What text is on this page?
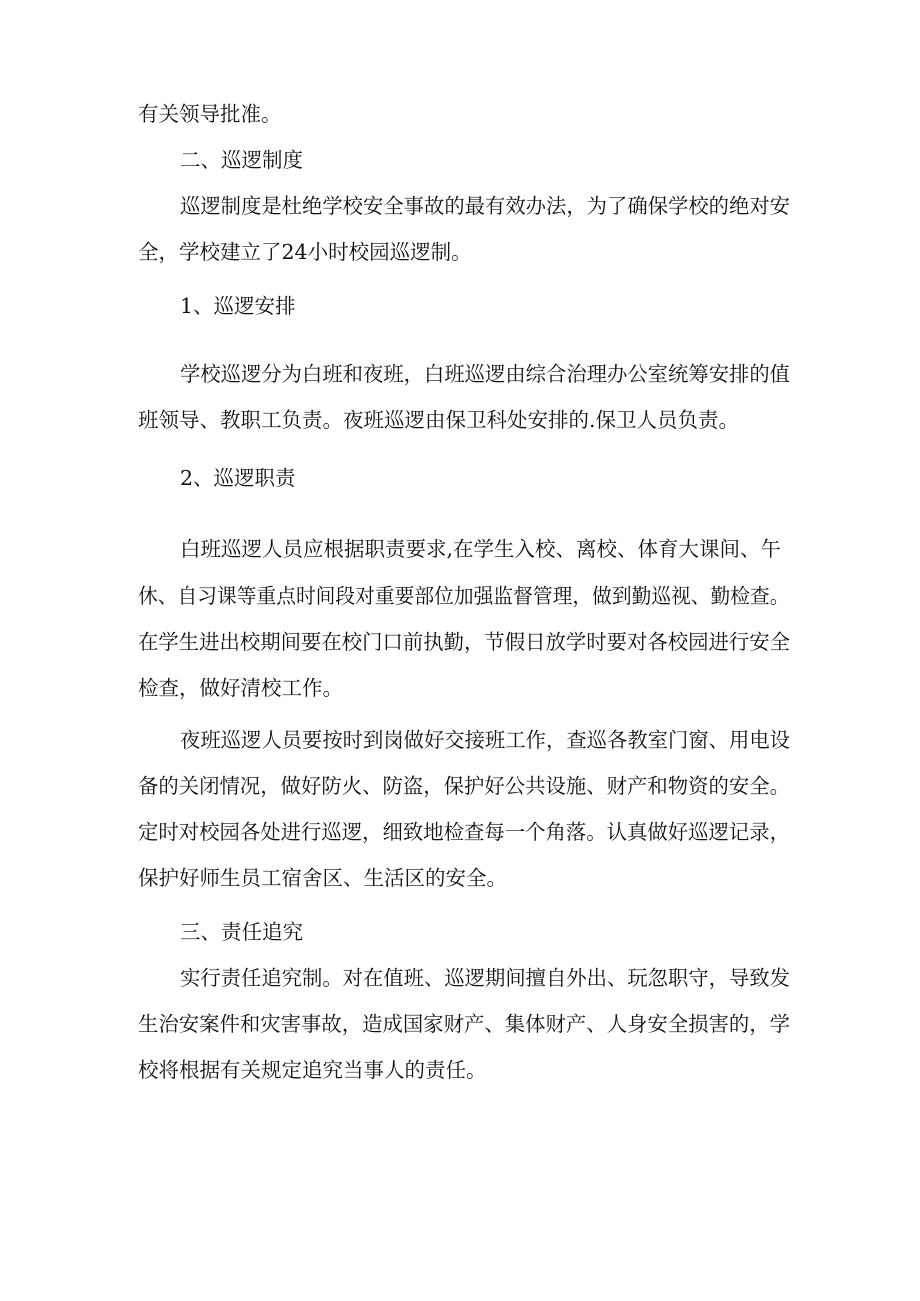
有关领导批准。
二、巡逻制度
巡逻制度是杜绝学校安全事故的最有效办法，为了确保学校的绝对安
全，学校建立了24小时校园巡逻制。
1、巡逻安排
学校巡逻分为白班和夜班，白班巡逻由综合治理办公室统筹安排的值
班领导、教职工负责。夜班巡逻由保卫科处安排的.保卫人员负责。
2、巡逻职责
白班巡逻人员应根据职责要求,在学生入校、离校、体育大课间、午
休、自习课等重点时间段对重要部位加强监督管理，做到勤巡视、勤检查。
在学生进出校期间要在校门口前执勤，节假日放学时要对各校园进行安全
检查，做好清校工作。
夜班巡逻人员要按时到岗做好交接班工作，查巡各教室门窗、用电设
备的关闭情况，做好防火、防盗，保护好公共设施、财产和物资的安全。
定时对校园各处进行巡逻，细致地检查每一个角落。认真做好巡逻记录，
保护好师生员工宿舍区、生活区的安全。
三、责任追究
实行责任追究制。对在值班、巡逻期间擅自外出、玩忽职守，导致发
生治安案件和灾害事故，造成国家财产、集体财产、人身安全损害的，学
校将根据有关规定追究当事人的责任。
